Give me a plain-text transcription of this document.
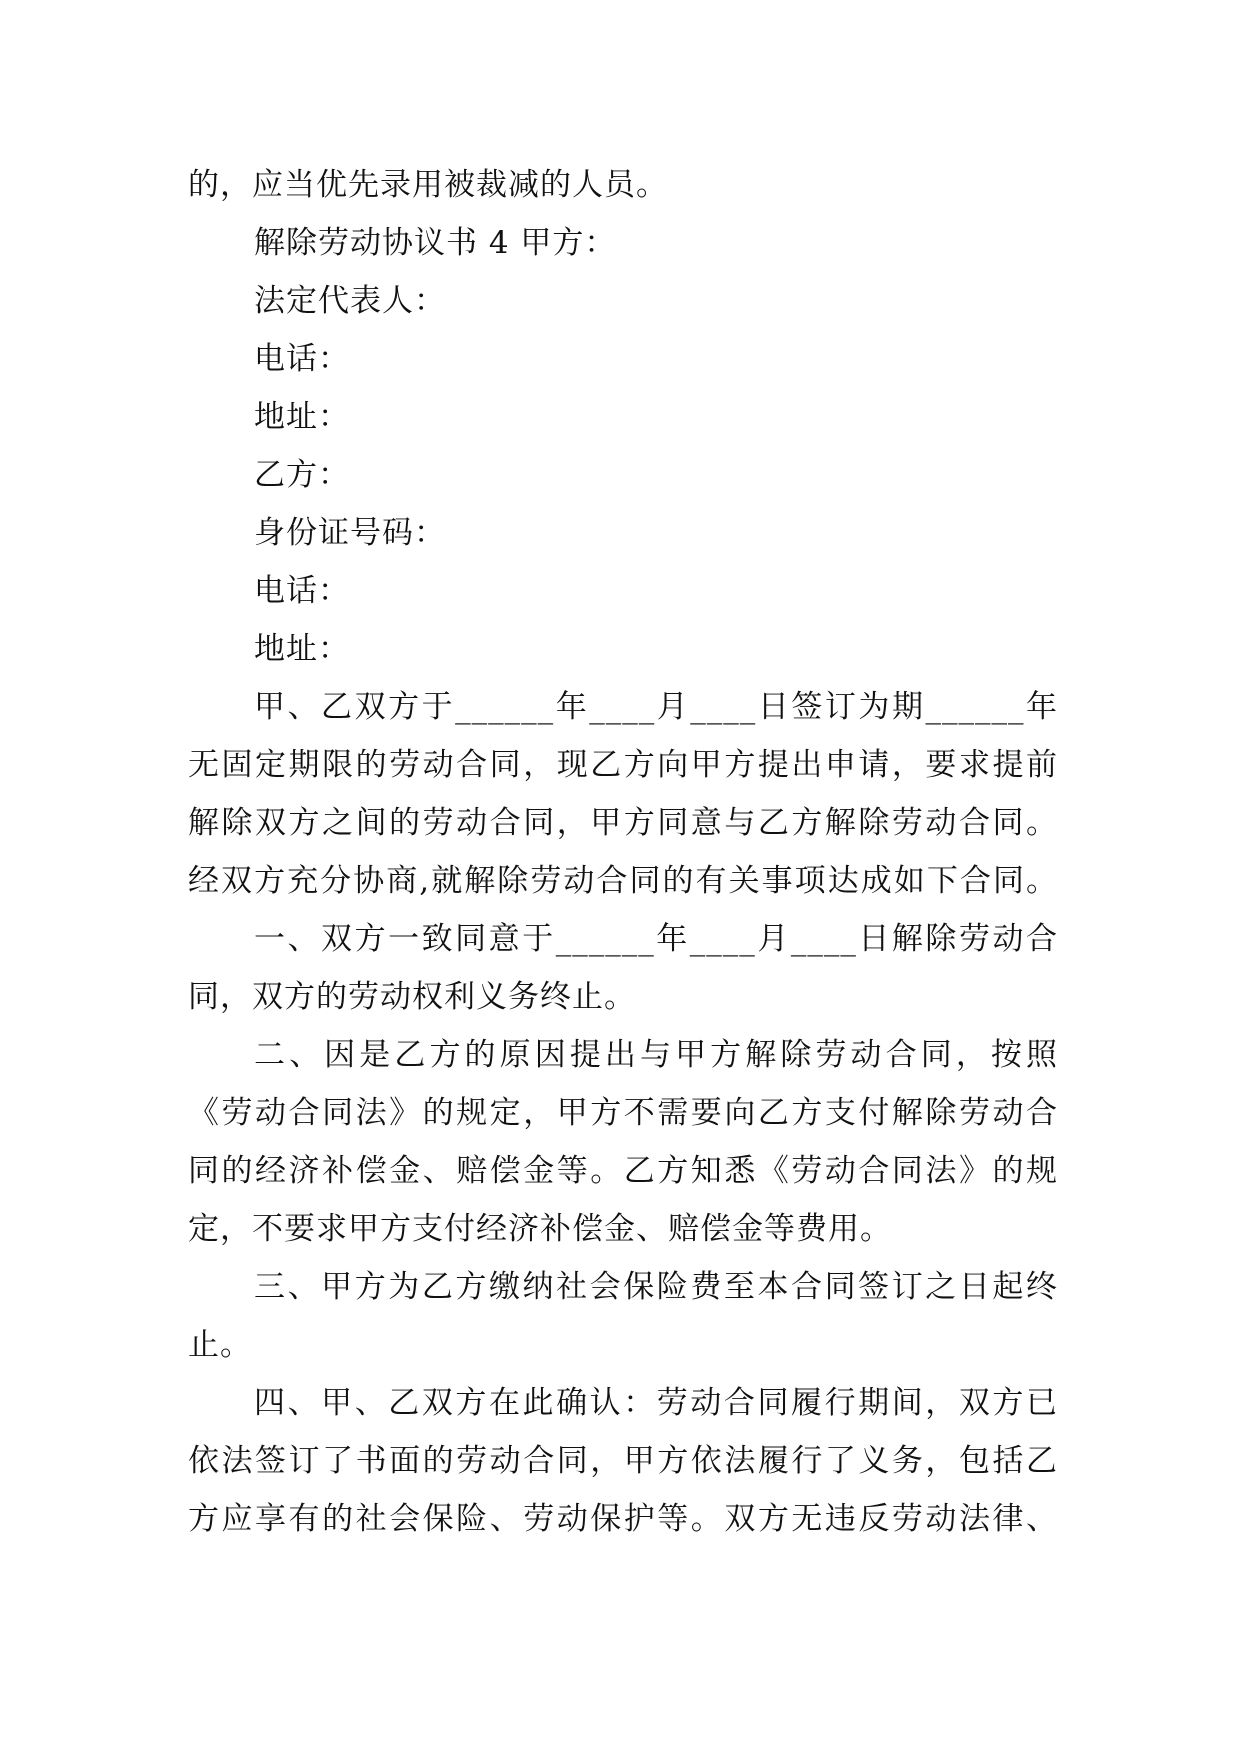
的，应当优先录用被裁减的人员。
解除劳动协议书 4 甲方：
法定代表人：
电话：
地址：
乙方：
身份证号码：
电话：
地址：
甲、乙双方于______年____月____日签订为期______年
无固定期限的劳动合同，现乙方向甲方提出申请，要求提前
解除双方之间的劳动合同，甲方同意与乙方解除劳动合同。
经双方充分协商,就解除劳动合同的有关事项达成如下合同。
一、双方一致同意于______年____月____日解除劳动合
同，双方的劳动权利义务终止。
二、因是乙方的原因提出与甲方解除劳动合同，按照
《劳动合同法》的规定，甲方不需要向乙方支付解除劳动合
同的经济补偿金、赔偿金等。乙方知悉《劳动合同法》的规
定，不要求甲方支付经济补偿金、赔偿金等费用。
三、甲方为乙方缴纳社会保险费至本合同签订之日起终
止。
四、甲、乙双方在此确认：劳动合同履行期间，双方已
依法签订了书面的劳动合同，甲方依法履行了义务，包括乙
方应享有的社会保险、劳动保护等。双方无违反劳动法律、
